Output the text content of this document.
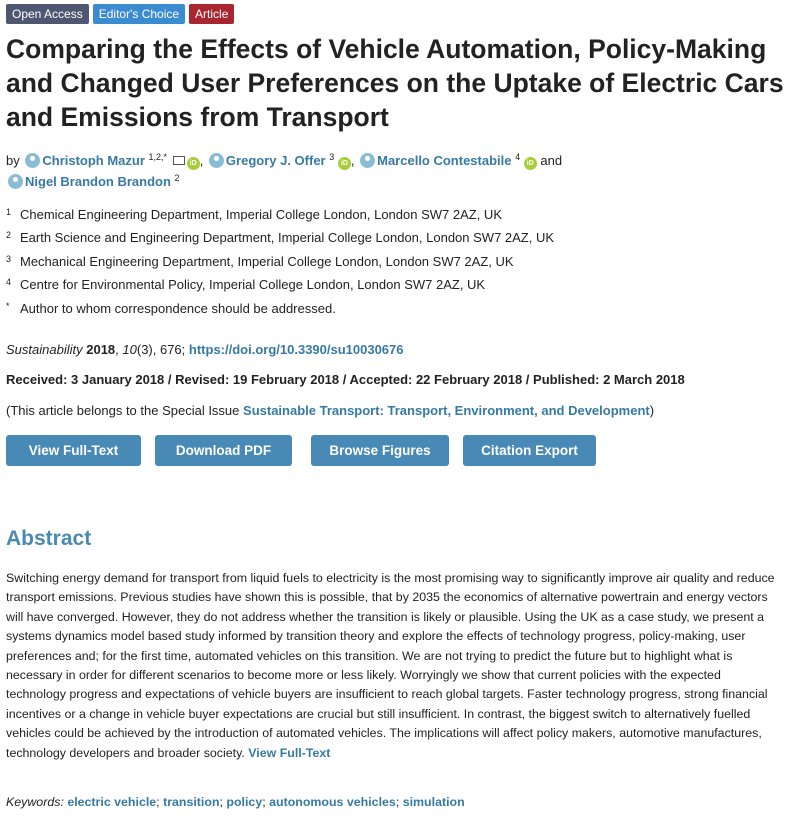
Open Access	Editor's Choice	Article
Comparing the Effects of Vehicle Automation, Policy-Making and Changed User Preferences on the Uptake of Electric Cars and Emissions from Transport
by Christoph Mazur $^{1,2,*}$ iD , Gregory J. Offer $^3$ iD , Marcello Contestabile $^4$ iD and
Nigel Brandon Brandon $^2$
1 Chemical Engineering Department, Imperial College London, London SW7 2AZ, UK
2 Earth Science and Engineering Department, Imperial College London, London SW7 2AZ, UK
3 Mechanical Engineering Department, Imperial College London, London SW7 2AZ, UK
4 Centre for Environmental Policy, Imperial College London, London SW7 2AZ, UK
* Author to whom correspondence should be addressed.
Sustainability 2018, 10(3), 676; https://doi.org/10.3390/su10030676
Received: 3 January 2018 / Revised: 19 February 2018 / Accepted: 22 February 2018 / Published: 2 March 2018
(This article belongs to the Special Issue Sustainable Transport: Transport, Environment, and Development)
View Full-Text	Download PDF	Browse Figures	Citation Export
Abstract

Switching energy demand for transport from liquid fuels to electricity is the most promising way to significantly improve air quality and reduce transport emissions. Previous studies have shown this is possible, that by 2035 the economics of alternative powertrain and energy vectors will have converged. However, they do not address whether the transition is likely or plausible. Using the UK as a case study, we present a systems dynamics model based study informed by transition theory and explore the effects of technology progress, policy-making, user preferences and; for the first time, automated vehicles on this transition. We are not trying to predict the future but to highlight what is necessary in order for different scenarios to become more or less likely. Worryingly we show that current policies with the expected technology progress and expectations of vehicle buyers are insufficient to reach global targets. Faster technology progress, strong financial incentives or a change in vehicle buyer expectations are crucial but still insufficient. In contrast, the biggest switch to alternatively fuelled vehicles could be achieved by the introduction of automated vehicles. The implications will affect policy makers, automotive manufactures, technology developers and broader society. View Full-Text

Keywords: electric vehicle; transition; policy; autonomous vehicles; simulation
